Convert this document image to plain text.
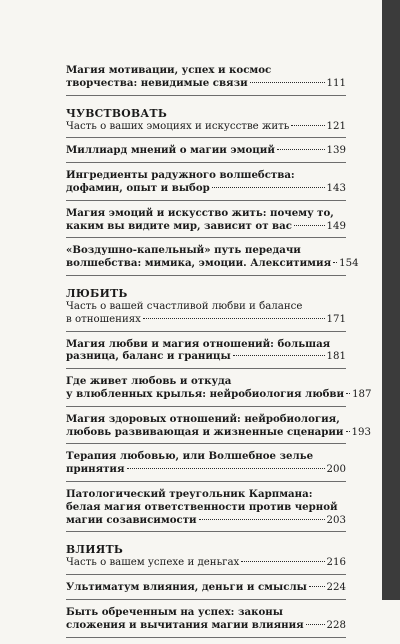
Магия мотивации, успех и космос
творчества: невидимые связи	111
ЧУВСТВОВАТЬ
Часть о ваших эмоциях и искусстве жить	121
Миллиард мнений о магии эмоций	139
Ингредиенты радужного волшебства:
дофамин, опыт и выбор	143
Магия эмоций и искусство жить: почему то,
каким вы видите мир, зависит от вас	149
«Воздушно-капельный» путь передачи
волшебства: мимика, эмоции. Алекситимия 154
ЛЮБИТЬ
Часть о вашей счастливой любви и балансе
в отношениях	171
Магия любви и магия отношений: большая
разница, баланс и границы	181
Где живет любовь и откуда
у влюбленных крылья: нейробиология любви 187
Магия здоровых отношений: нейробиология,
любовь развивающая и жизненные сценарии 193
Терапия любовью, или Волшебное зелье
принятия	200
Патологический треугольник Карпмана:
белая магия ответственности против черной
магии созависимости	203
ВЛИЯТЬ
Часть о вашем успехе и деньгах	216
Ультиматум влияния, деньги и смыслы 224
Быть обреченным на успех: законы
сложения и вычитания магии влияния 228
